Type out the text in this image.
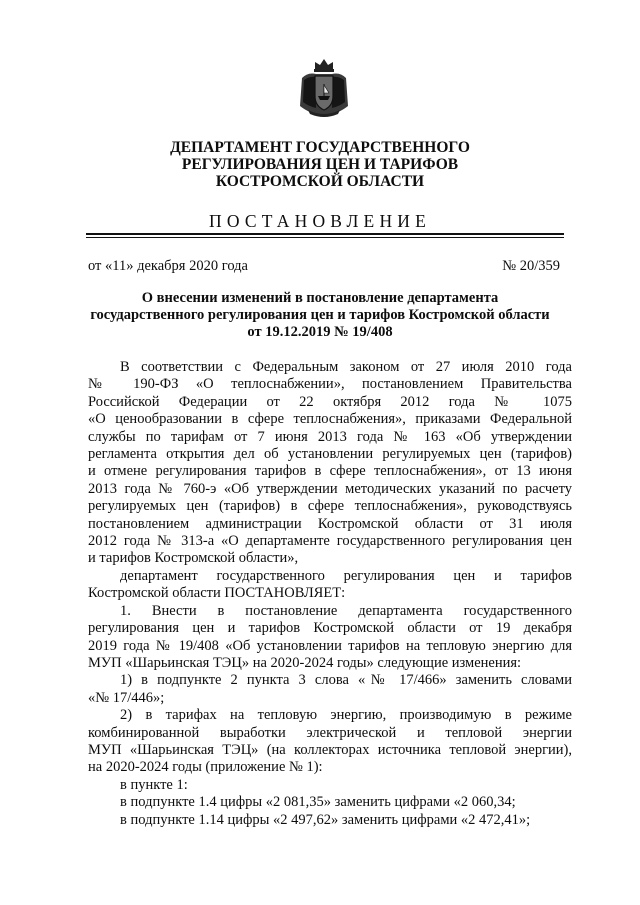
ДЕПАРТАМЕНТ ГОСУДАРСТВЕННОГО
РЕГУЛИРОВАНИЯ ЦЕН И ТАРИФОВ
КОСТРОМСКОЙ ОБЛАСТИ
ПОСТАНОВЛЕНИЕ
от «11» декабря 2020 года	№ 20/359
О внесении изменений в постановление департамента
государственного регулирования цен и тарифов Костромской области
от 19.12.2019 № 19/408

В соответствии с Федеральным законом от 27 июля 2010 года

№ 190-ФЗ «О теплоснабжении», постановлением Правительства

Российской Федерации от 22 октября 2012 года № 1075

«О ценообразовании в сфере теплоснабжения», приказами Федеральной

службы по тарифам от 7 июня 2013 года № 163 «Об утверждении

регламента открытия дел об установлении регулируемых цен (тарифов)

и отмене регулирования тарифов в сфере теплоснабжения», от 13 июня

2013 года № 760-э «Об утверждении методических указаний по расчету

регулируемых цен (тарифов) в сфере теплоснабжения», руководствуясь

постановлением администрации Костромской области от 31 июля

2012 года № 313-а «О департаменте государственного регулирования цен

и тарифов Костромской области»,

департамент государственного регулирования цен и тарифов

Костромской области ПОСТАНОВЛЯЕТ:

1. Внести в постановление департамента государственного

регулирования цен и тарифов Костромской области от 19 декабря

2019 года № 19/408 «Об установлении тарифов на тепловую энергию для

МУП «Шарьинская ТЭЦ» на 2020-2024 годы» следующие изменения:

1) в подпункте 2 пункта 3 слова «№ 17/466» заменить словами

«№ 17/446»;

2) в тарифах на тепловую энергию, производимую в режиме

комбинированной выработки электрической и тепловой энергии

МУП «Шарьинская ТЭЦ» (на коллекторах источника тепловой энергии),

на 2020-2024 годы (приложение № 1):

в пункте 1:

в подпункте 1.4 цифры «2 081,35» заменить цифрами «2 060,34;

в подпункте 1.14 цифры «2 497,62» заменить цифрами «2 472,41»;
